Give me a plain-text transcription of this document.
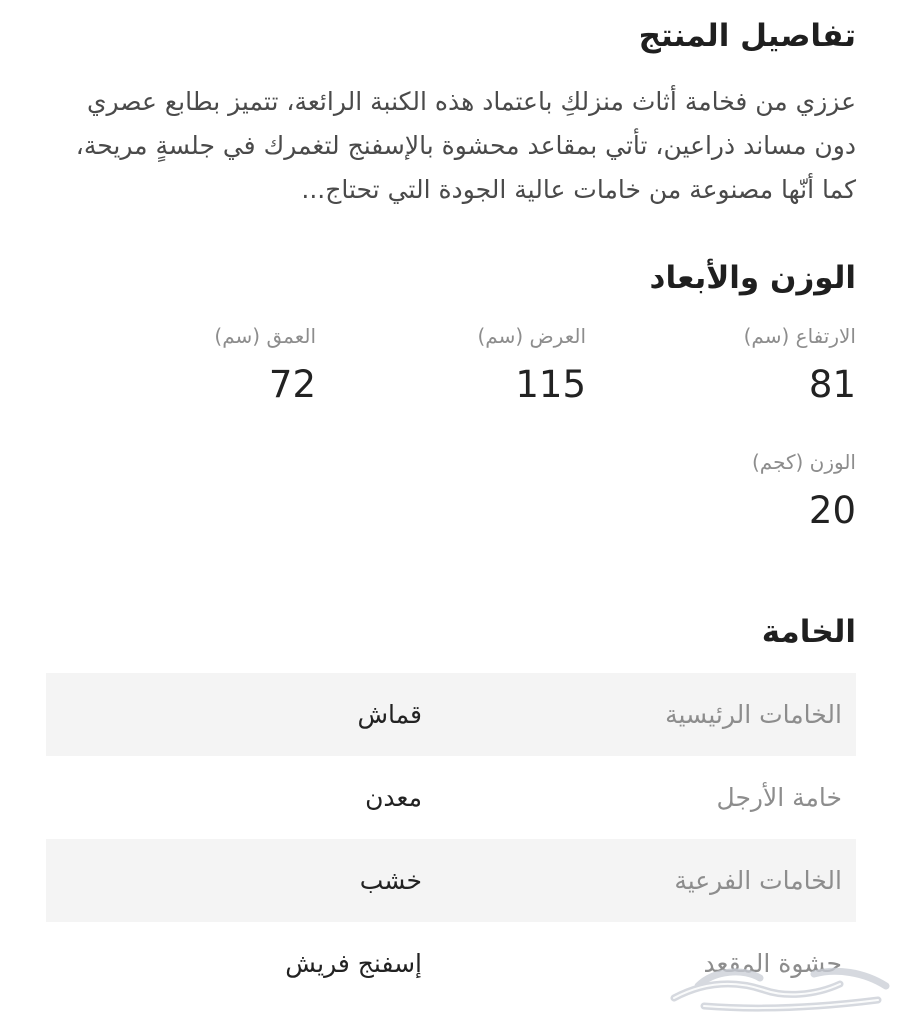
تفاصيل المنتج

عززي من فخامة أثاث منزلكِ باعتماد هذه الكنبة الرائعة، تتميز بطابع عصري دون مساند ذراعين، تأتي بمقاعد محشوة بالإسفنج لتغمرك في جلسةٍ مريحة، كما أنّها مصنوعة من خامات عالية الجودة التي تحتاج...

الوزن والأبعاد
الارتفاع (سم)
81
العرض (سم)
115
العمق (سم)
72
الوزن (كجم)
20
الخامة
الخامات الرئيسية
قماش
خامة الأرجل
معدن
الخامات الفرعية
خشب
حشوة المقعد
إسفنج فريش
